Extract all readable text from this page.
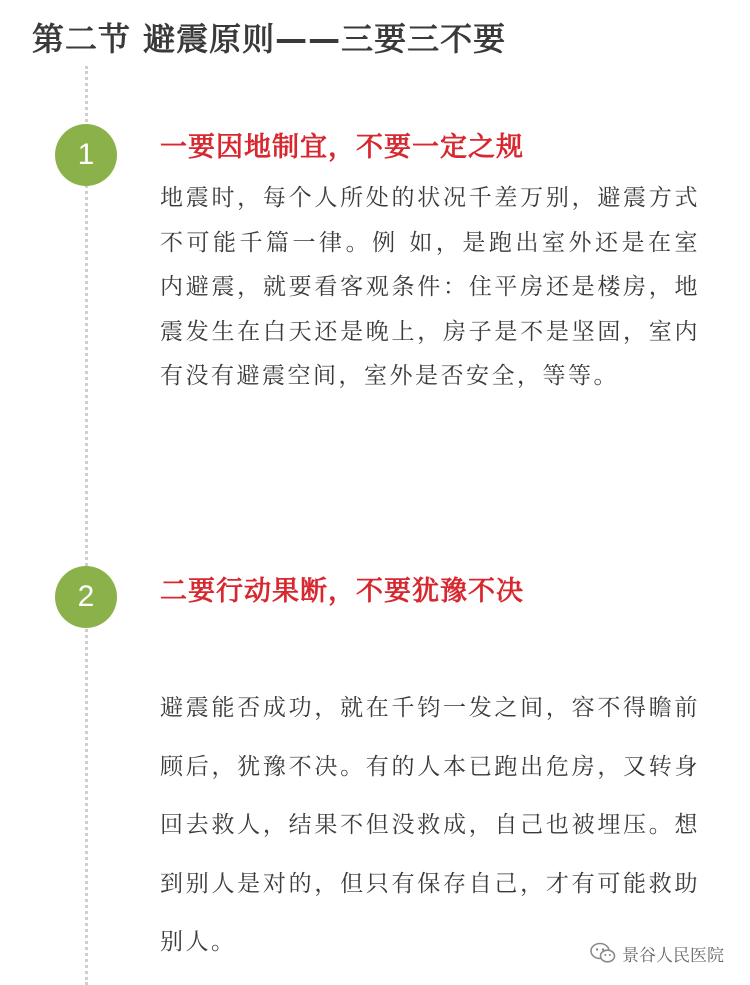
第二节 避震原则——三要三不要
1	一要因地制宜，不要一定之规

地震时，每个人所处的状况千差万别，避震方式不可能千篇一律。例 如，是跑出室外还是在室内避震，就要看客观条件：住平房还是楼房，地震发生在白天还是晚上，房子是不是坚固，室内有没有避震空间，室外是否安全，等等。

2	二要行动果断，不要犹豫不决

避震能否成功，就在千钧一发之间，容不得瞻前顾后，犹豫不决。有的人本已跑出危房，又转身回去救人，结果不但没救成，自己也被埋压。想到别人是对的，但只有保存自己，才有可能救助别人。

景谷人民医院
